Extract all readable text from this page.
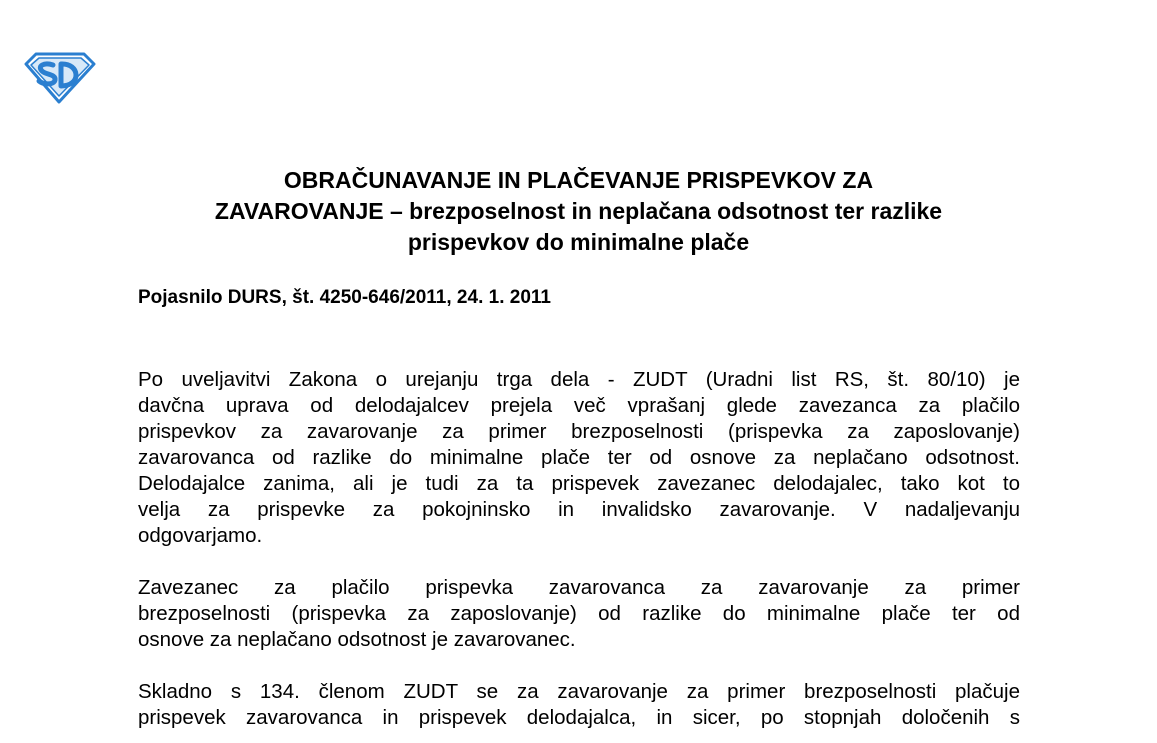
OBRAČUNAVANJE IN PLAČEVANJE PRISPEVKOV ZA
ZAVAROVANJE – brezposelnost in neplačana odsotnost ter razlike
prispevkov do minimalne plače

Pojasnilo DURS, št. 4250-646/2011, 24. 1. 2011

Po uveljavitvi Zakona o urejanju trga dela - ZUDT (Uradni list RS, št. 80/10) je
davčna uprava od delodajalcev prejela več vprašanj glede zavezanca za plačilo
prispevkov za zavarovanje za primer brezposelnosti (prispevka za zaposlovanje)
zavarovanca od razlike do minimalne plače ter od osnove za neplačano odsotnost.
Delodajalce zanima, ali je tudi za ta prispevek zavezanec delodajalec, tako kot to
velja za prispevke za pokojninsko in invalidsko zavarovanje. V nadaljevanju
odgovarjamo.

Zavezanec za plačilo prispevka zavarovanca za zavarovanje za primer
brezposelnosti (prispevka za zaposlovanje) od razlike do minimalne plače ter od
osnove za neplačano odsotnost je zavarovanec.

Skladno s 134. členom ZUDT se za zavarovanje za primer brezposelnosti plačuje
prispevek zavarovanca in prispevek delodajalca, in sicer, po stopnjah določenih s
